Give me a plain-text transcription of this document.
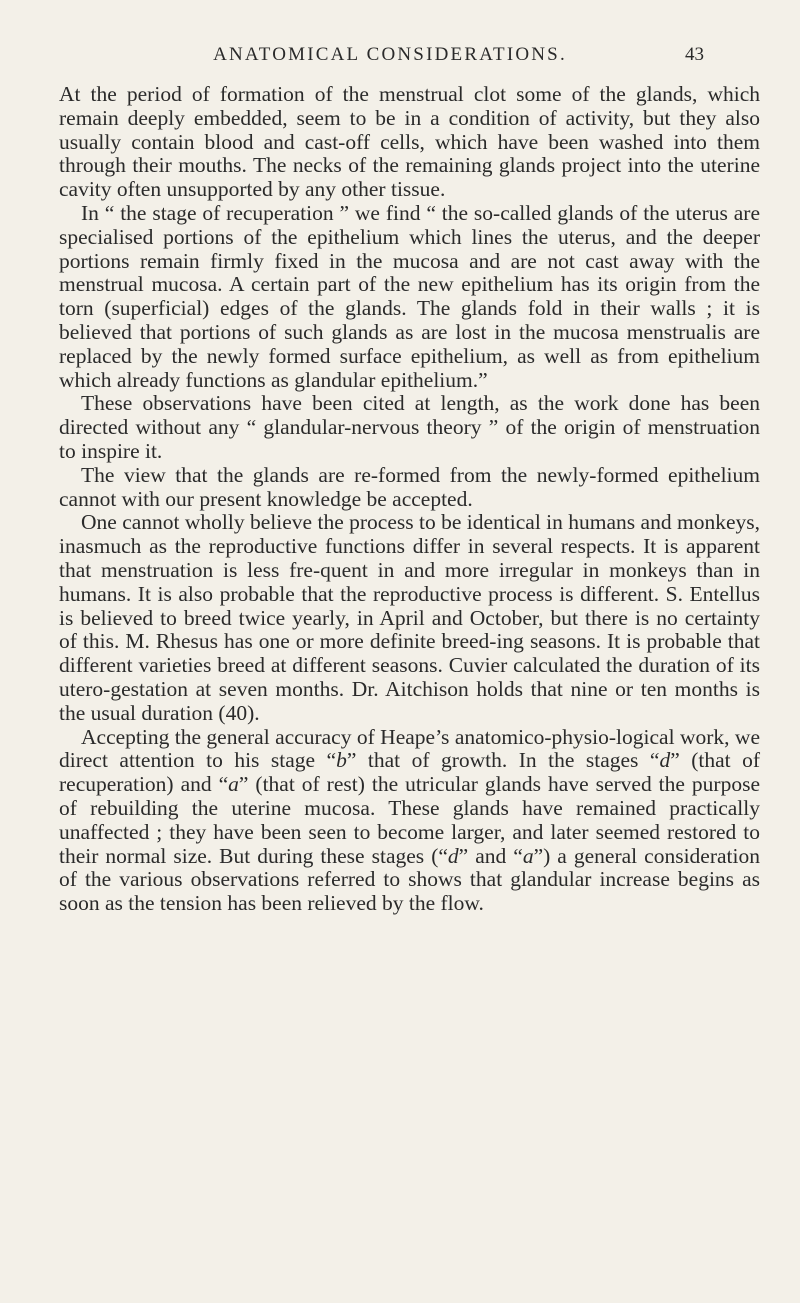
ANATOMICAL CONSIDERATIONS.	43

At the period of formation of the menstrual clot some of the glands, which remain deeply embedded, seem to be in a condition of activity, but they also usually contain blood and cast-off cells, which have been washed into them through their mouths. The necks of the remaining glands project into the uterine cavity often unsupported by any other tissue.

In “ the stage of recuperation ” we find “ the so-called glands of the uterus are specialised portions of the epithelium which lines the uterus, and the deeper portions remain firmly fixed in the mucosa and are not cast away with the menstrual mucosa. A certain part of the new epithelium has its origin from the torn (superficial) edges of the glands. The glands fold in their walls ; it is believed that portions of such glands as are lost in the mucosa menstrualis are replaced by the newly formed surface epithelium, as well as from epithelium which already functions as glandular epithelium.”

These observations have been cited at length, as the work done has been directed without any “ glandular-nervous theory ” of the origin of menstruation to inspire it.

The view that the glands are re-formed from the newly-formed epithelium cannot with our present knowledge be accepted.

One cannot wholly believe the process to be identical in humans and monkeys, inasmuch as the reproductive functions differ in several respects. It is apparent that menstruation is less fre-quent in and more irregular in monkeys than in humans. It is also probable that the reproductive process is different. S. Entellus is believed to breed twice yearly, in April and October, but there is no certainty of this. M. Rhesus has one or more definite breed-ing seasons. It is probable that different varieties breed at different seasons. Cuvier calculated the duration of its utero-gestation at seven months. Dr. Aitchison holds that nine or ten months is the usual duration (40).

Accepting the general accuracy of Heape’s anatomico-physio-logical work, we direct attention to his stage “b” that of growth. In the stages “d” (that of recuperation) and “a” (that of rest) the utricular glands have served the purpose of rebuilding the uterine mucosa. These glands have remained practically unaffected ; they have been seen to become larger, and later seemed restored to their normal size. But during these stages (“d” and “a”) a general consideration of the various observations referred to shows that glandular increase begins as soon as the tension has been relieved by the flow.
